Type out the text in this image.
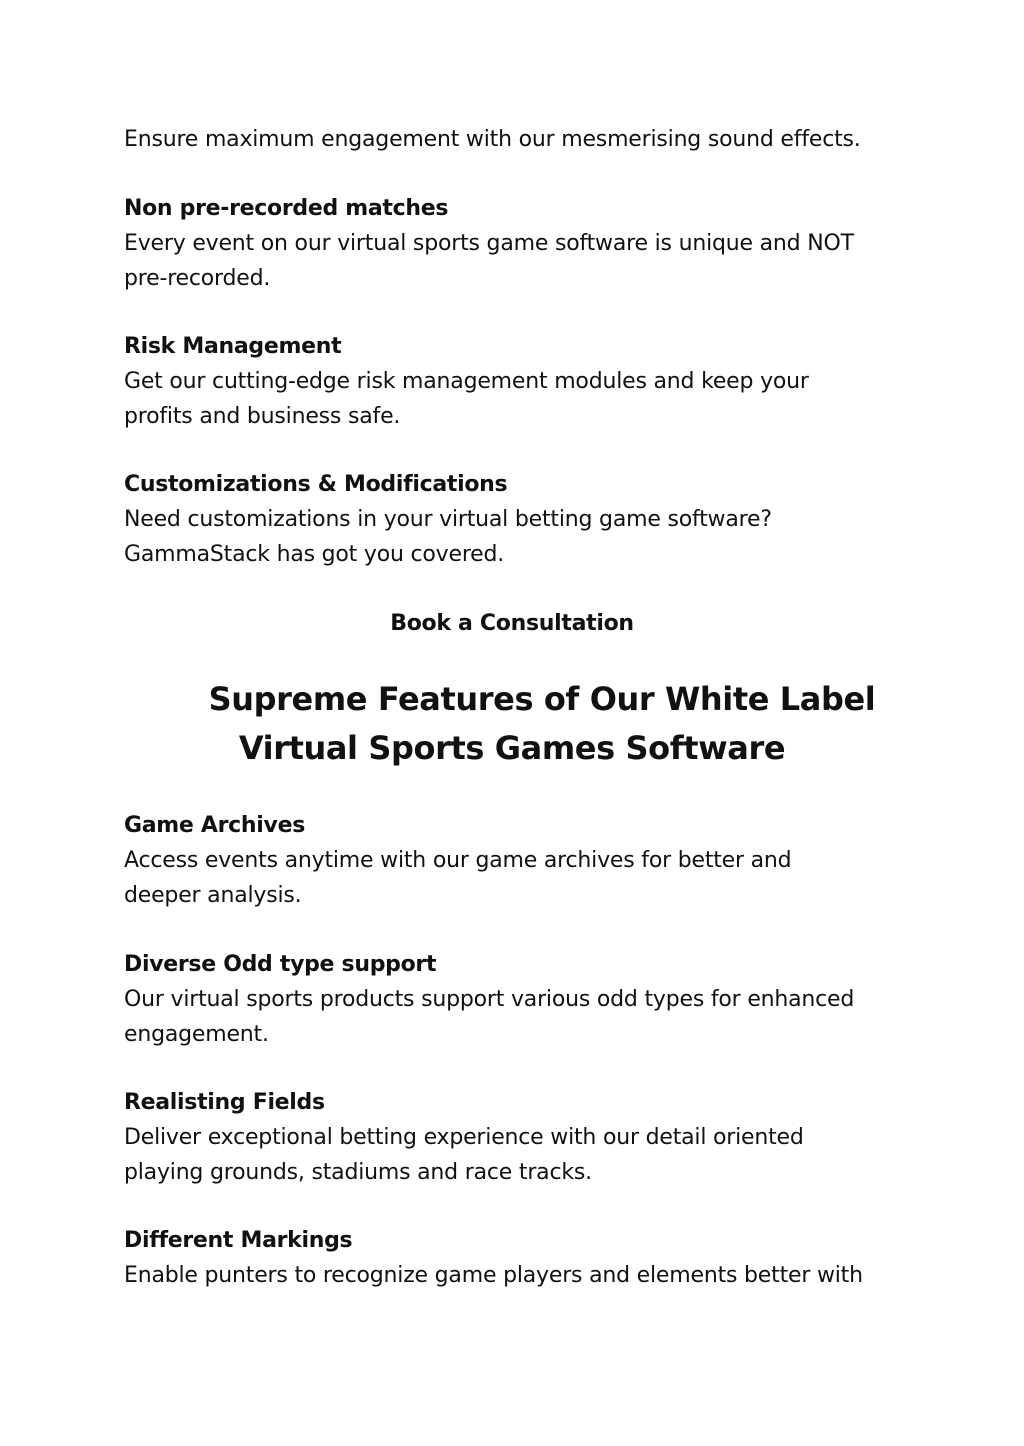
Ensure maximum engagement with our mesmerising sound effects.

Non pre-recorded matches

Every event on our virtual sports game software is unique and NOT

pre-recorded.

Risk Management

Get our cutting-edge risk management modules and keep your

profits and business safe.

Customizations & Modifications

Need customizations in your virtual betting game software?

GammaStack has got you covered.

Book a Consultation
Supreme Features of Our White Label
Virtual Sports Games Software

Game Archives

Access events anytime with our game archives for better and

deeper analysis.

Diverse Odd type support

Our virtual sports products support various odd types for enhanced

engagement.

Realisting Fields

Deliver exceptional betting experience with our detail oriented

playing grounds, stadiums and race tracks.

Different Markings

Enable punters to recognize game players and elements better with
